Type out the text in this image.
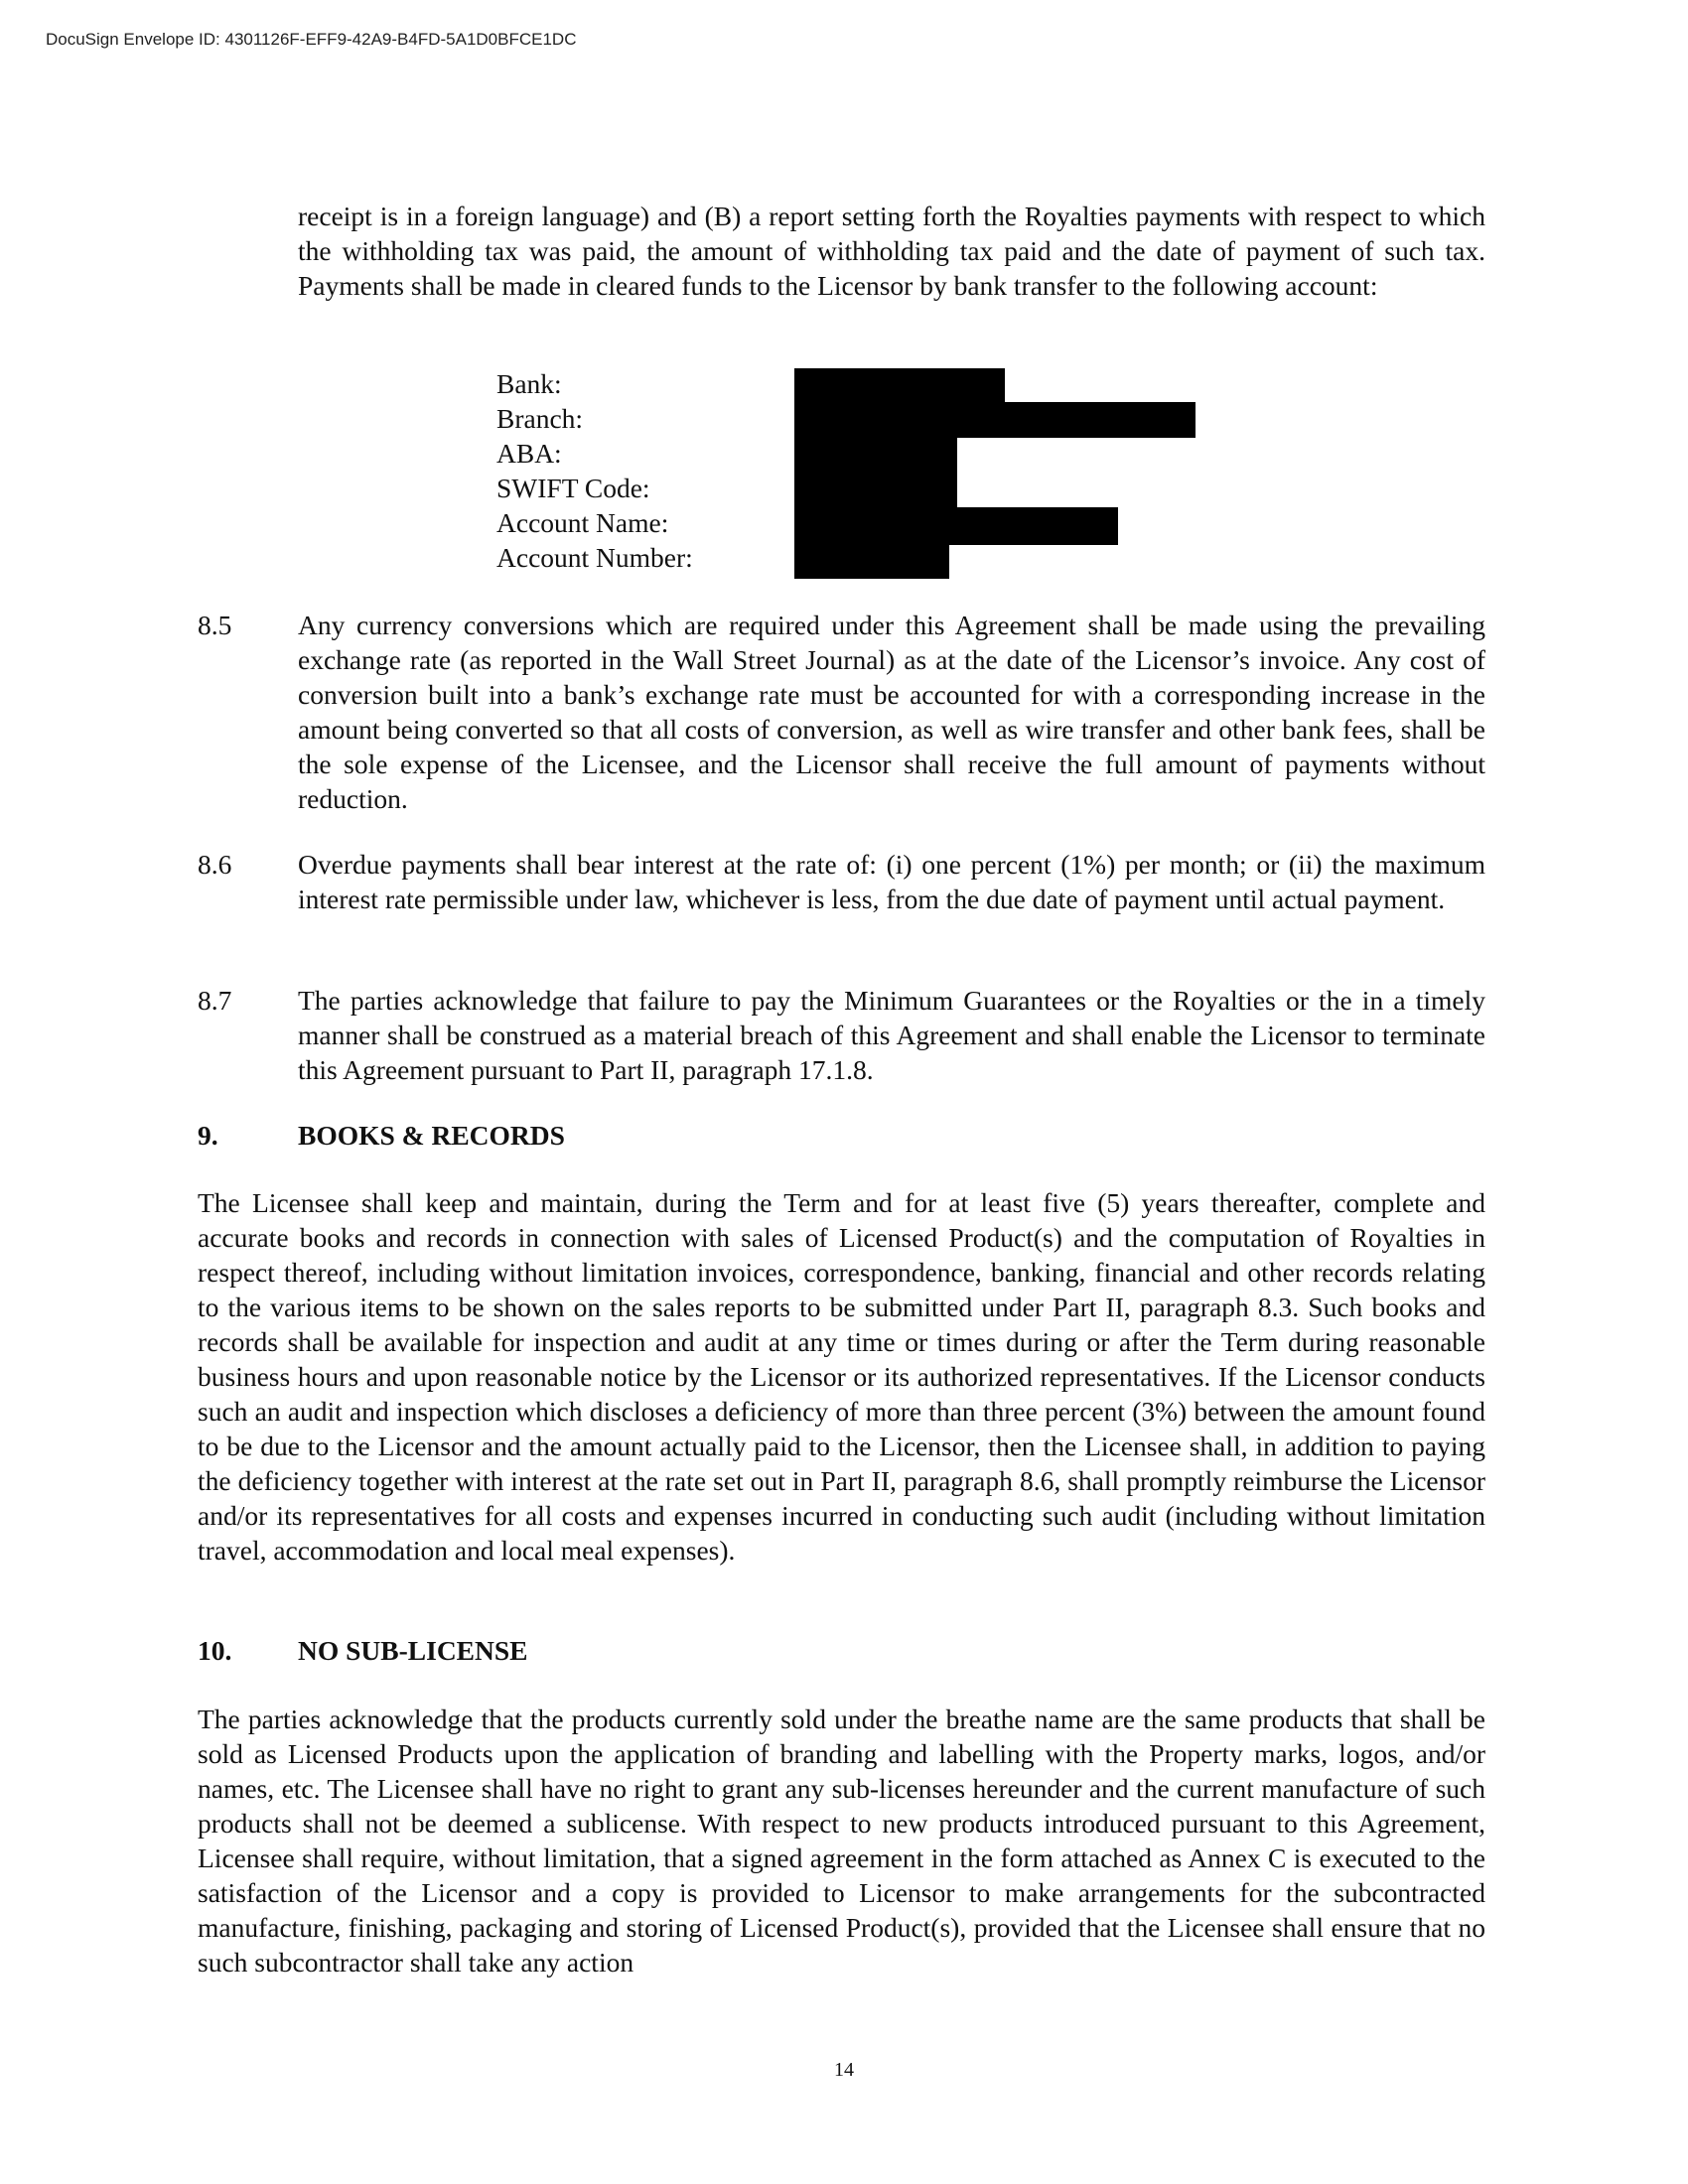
DocuSign Envelope ID: 4301126F-EFF9-42A9-B4FD-5A1D0BFCE1DC
receipt is in a foreign language) and (B) a report setting forth the Royalties payments with respect to which the withholding tax was paid, the amount of withholding tax paid and the date of payment of such tax. Payments shall be made in cleared funds to the Licensor by bank transfer to the following account:
Bank:
Branch:
ABA:
SWIFT Code:
Account Name:
Account Number:
8.5 Any currency conversions which are required under this Agreement shall be made using the prevailing exchange rate (as reported in the Wall Street Journal) as at the date of the Licensor’s invoice. Any cost of conversion built into a bank’s exchange rate must be accounted for with a corresponding increase in the amount being converted so that all costs of conversion, as well as wire transfer and other bank fees, shall be the sole expense of the Licensee, and the Licensor shall receive the full amount of payments without reduction.
8.6 Overdue payments shall bear interest at the rate of: (i) one percent (1%) per month; or (ii) the maximum interest rate permissible under law, whichever is less, from the due date of payment until actual payment.
8.7 The parties acknowledge that failure to pay the Minimum Guarantees or the Royalties or the in a timely manner shall be construed as a material breach of this Agreement and shall enable the Licensor to terminate this Agreement pursuant to Part II, paragraph 17.1.8.
9.	BOOKS & RECORDS
The Licensee shall keep and maintain, during the Term and for at least five (5) years thereafter, complete and accurate books and records in connection with sales of Licensed Product(s) and the computation of Royalties in respect thereof, including without limitation invoices, correspondence, banking, financial and other records relating to the various items to be shown on the sales reports to be submitted under Part II, paragraph 8.3. Such books and records shall be available for inspection and audit at any time or times during or after the Term during reasonable business hours and upon reasonable notice by the Licensor or its authorized representatives. If the Licensor conducts such an audit and inspection which discloses a deficiency of more than three percent (3%) between the amount found to be due to the Licensor and the amount actually paid to the Licensor, then the Licensee shall, in addition to paying the deficiency together with interest at the rate set out in Part II, paragraph 8.6, shall promptly reimburse the Licensor and/or its representatives for all costs and expenses incurred in conducting such audit (including without limitation travel, accommodation and local meal expenses).
10. NO SUB-LICENSE
The parties acknowledge that the products currently sold under the breathe name are the same products that shall be sold as Licensed Products upon the application of branding and labelling with the Property marks, logos, and/or names, etc. The Licensee shall have no right to grant any sub-licenses hereunder and the current manufacture of such products shall not be deemed a sublicense. With respect to new products introduced pursuant to this Agreement, Licensee shall require, without limitation, that a signed agreement in the form attached as Annex C is executed to the satisfaction of the Licensor and a copy is provided to Licensor to make arrangements for the subcontracted manufacture, finishing, packaging and storing of Licensed Product(s), provided that the Licensee shall ensure that no such subcontractor shall take any action
14
